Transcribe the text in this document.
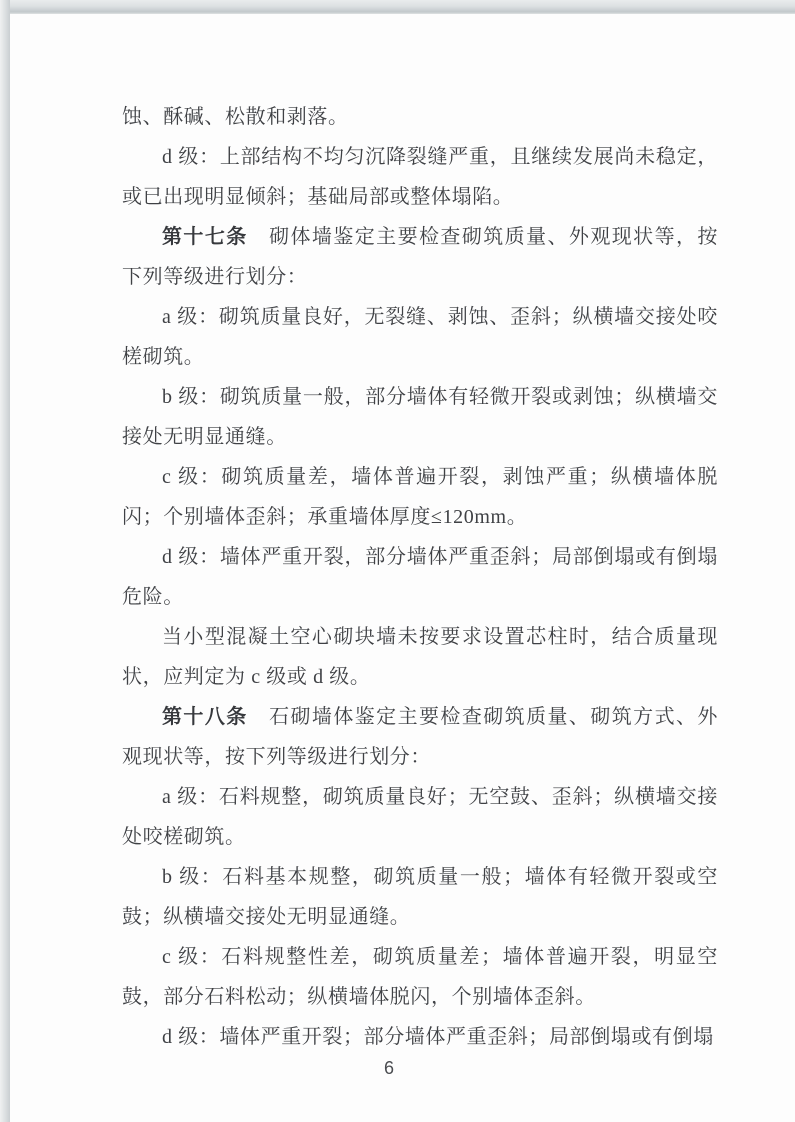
蚀、酥碱、松散和剥落。

d 级：上部结构不均匀沉降裂缝严重，且继续发展尚未稳定，或已出现明显倾斜；基础局部或整体塌陷。

第十七条　砌体墙鉴定主要检查砌筑质量、外观现状等，按下列等级进行划分：

a 级：砌筑质量良好，无裂缝、剥蚀、歪斜；纵横墙交接处咬槎砌筑。

b 级：砌筑质量一般，部分墙体有轻微开裂或剥蚀；纵横墙交接处无明显通缝。

c 级：砌筑质量差，墙体普遍开裂，剥蚀严重；纵横墙体脱闪；个别墙体歪斜；承重墙体厚度≤120mm。

d 级：墙体严重开裂，部分墙体严重歪斜；局部倒塌或有倒塌危险。

当小型混凝土空心砌块墙未按要求设置芯柱时，结合质量现状，应判定为 c 级或 d 级。

第十八条　石砌墙体鉴定主要检查砌筑质量、砌筑方式、外观现状等，按下列等级进行划分：

a 级：石料规整，砌筑质量良好；无空鼓、歪斜；纵横墙交接处咬槎砌筑。

b 级：石料基本规整，砌筑质量一般；墙体有轻微开裂或空鼓；纵横墙交接处无明显通缝。

c 级：石料规整性差，砌筑质量差；墙体普遍开裂，明显空鼓，部分石料松动；纵横墙体脱闪，个别墙体歪斜。

d 级：墙体严重开裂；部分墙体严重歪斜；局部倒塌或有倒塌

6
